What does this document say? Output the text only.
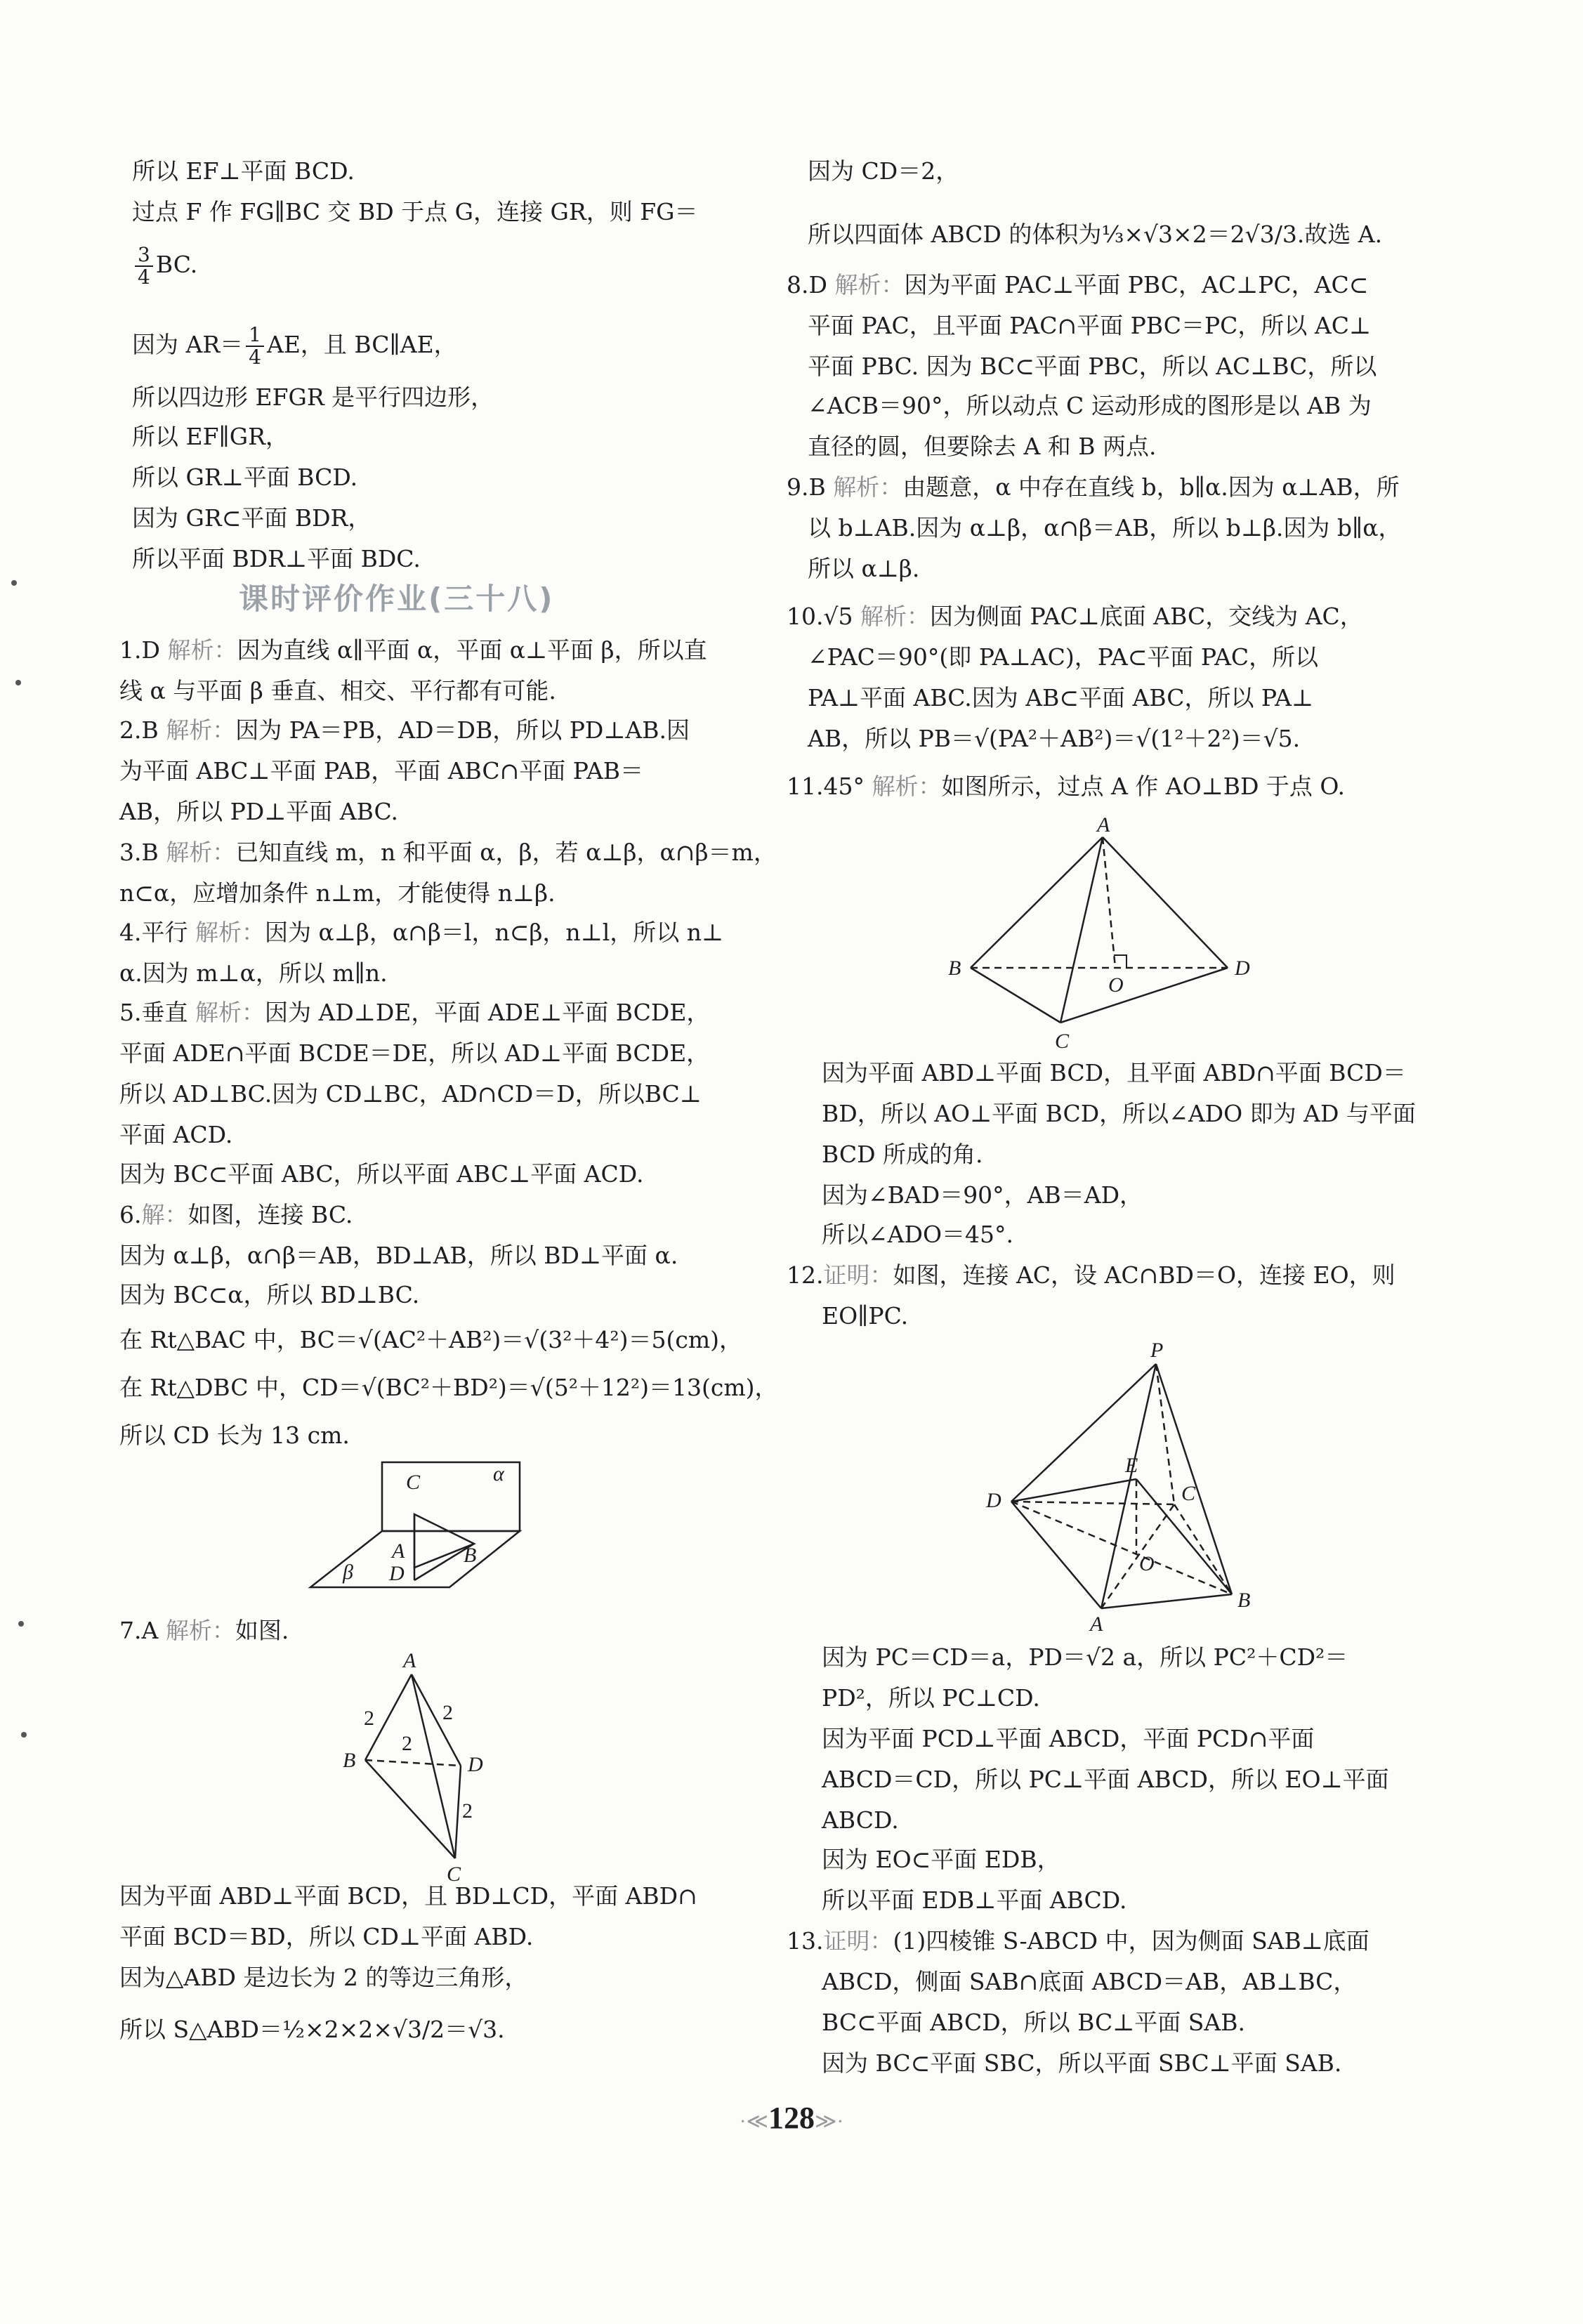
所以 EF⊥平面 BCD.
过点 F 作 FG∥BC 交 BD 于点 G，连接 GR，则 FG＝
$\frac{3}{4}$ BC.
因为 $AR= \frac{1}{4}$ AE，且 BC∥AE，
所以四边形 EFGR 是平行四边形，
所以 EF∥GR，
所以 GR⊥平面 BCD.
因为 GR⊂平面 BDR，
所以平面 BDR⊥平面 BDC.
课时评价作业(三十八)
1.D 解析：因为直线 α∥平面 α，平面 α⊥平面 β，所以直
线 α 与平面 β 垂直、相交、平行都有可能.
2.B 解析：因为 PA＝PB，AD＝DB，所以 PD⊥AB.因
为平面 ABC⊥平面 PAB，平面 ABC∩平面 PAB＝
AB，所以 PD⊥平面 ABC.
3.B 解析：已知直线 m，n 和平面 α，β，若 α⊥β，α∩β＝m，
n⊂α，应增加条件 n⊥m，才能使得 n⊥β.
4.平行 解析：因为 α⊥β，α∩β＝l，n⊂β，n⊥l，所以 n⊥
α.因为 m⊥α，所以 m∥n.
5.垂直 解析：因为 AD⊥DE，平面 ADE⊥平面 BCDE，
平面 ADE∩平面 BCDE＝DE，所以 AD⊥平面 BCDE，
所以 AD⊥BC.因为 CD⊥BC，AD∩CD＝D，所以BC⊥
平面 ACD.
因为 BC⊂平面 ABC，所以平面 ABC⊥平面 ACD.
6.解：如图，连接 BC.
因为 α⊥β，α∩β＝AB，BD⊥AB，所以 BD⊥平面 α.
因为 BC⊂α，所以 BD⊥BC.
在 Rt△BAC 中，BC＝√(AC²＋AB²)＝√(3²＋4²)＝5(cm)，
在 Rt△DBC 中，CD＝√(BC²＋BD²)＝√(5²＋12²)＝13(cm)，
所以 CD 长为 13 cm.
C	α
A	B
β D
7.A 解析：如图.
A
B	D
C
2	2
2
2
因为平面 ABD⊥平面 BCD，且 BD⊥CD，平面 ABD∩
平面 BCD＝BD，所以 CD⊥平面 ABD.
因为△ABD 是边长为 2 的等边三角形，
所以 S△ABD＝½×2×2×√3/2＝√3.
因为 CD＝2，
所以四面体 ABCD 的体积为⅓×√3×2＝2√3/3.故选 A.
8.D 解析：因为平面 PAC⊥平面 PBC，AC⊥PC，AC⊂
平面 PAC，且平面 PAC∩平面 PBC＝PC，所以 AC⊥
平面 PBC. 因为 BC⊂平面 PBC，所以 AC⊥BC，所以
∠ACB＝90°，所以动点 C 运动形成的图形是以 AB 为
直径的圆，但要除去 A 和 B 两点.
9.B 解析：由题意，α 中存在直线 b，b∥α.因为 α⊥AB，所
以 b⊥AB.因为 α⊥β，α∩β＝AB，所以 b⊥β.因为 b∥α，
所以 α⊥β.
10.√5 解析：因为侧面 PAC⊥底面 ABC，交线为 AC，
∠PAC＝90°(即 PA⊥AC)，PA⊂平面 PAC，所以
PA⊥平面 ABC.因为 AB⊂平面 ABC，所以 PA⊥
AB，所以 PB＝√(PA²＋AB²)＝√(1²＋2²)＝√5.
11.45° 解析：如图所示，过点 A 作 AO⊥BD 于点 O.
A
B
O
D
C
因为平面 ABD⊥平面 BCD，且平面 ABD∩平面 BCD＝
BD，所以 AO⊥平面 BCD，所以∠ADO 即为 AD 与平面
BCD 所成的角.
因为∠BAD＝90°，AB＝AD，
所以∠ADO＝45°.
12.证明：如图，连接 AC，设 AC∩BD＝O，连接 EO，则
EO∥PC.
P
E
D	C
O
A
B
因为 PC＝CD＝a，PD＝√2 a，所以 PC²＋CD²＝
PD²，所以 PC⊥CD.
因为平面 PCD⊥平面 ABCD，平面 PCD∩平面
ABCD＝CD，所以 PC⊥平面 ABCD，所以 EO⊥平面
ABCD.
因为 EO⊂平面 EDB，
所以平面 EDB⊥平面 ABCD.
13.证明：(1)四棱锥 S-ABCD 中，因为侧面 SAB⊥底面
ABCD，侧面 SAB∩底面 ABCD＝AB，AB⊥BC，
BC⊂平面 ABCD，所以 BC⊥平面 SAB.
因为 BC⊂平面 SBC，所以平面 SBC⊥平面 SAB.
·≪128≫·
